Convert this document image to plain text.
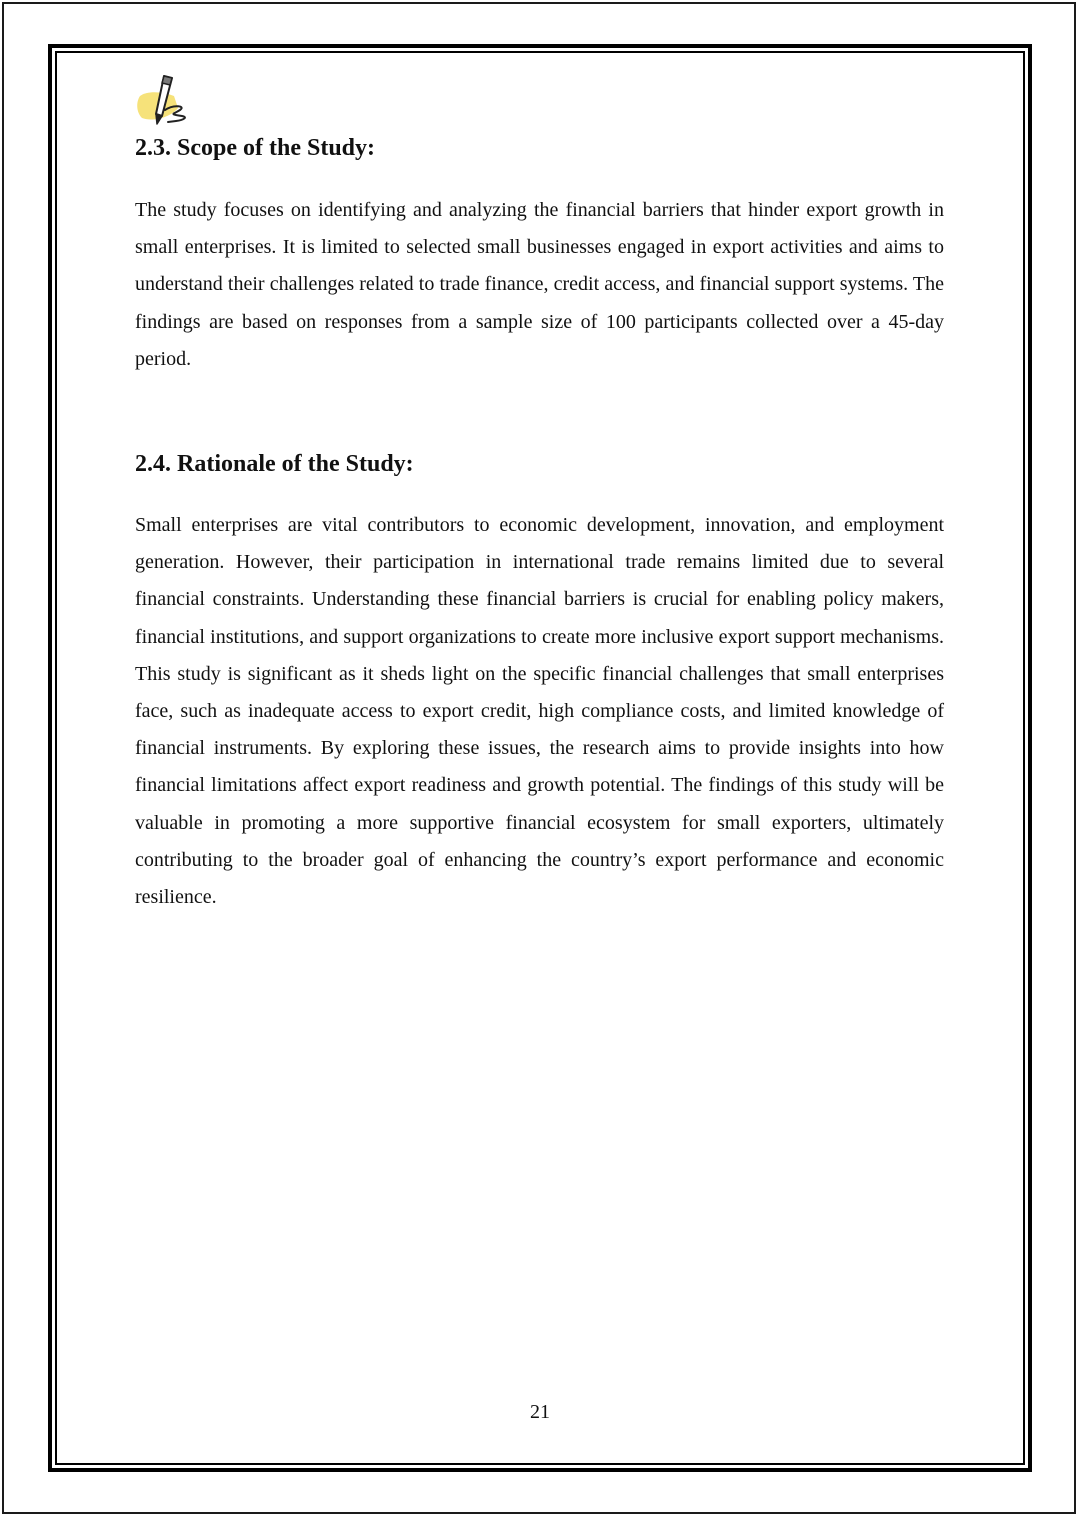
2.3. Scope of the Study:

The study focuses on identifying and analyzing the financial barriers that hinder export growth in small enterprises. It is limited to selected small businesses engaged in export activities and aims to understand their challenges related to trade finance, credit access, and financial support systems. The findings are based on responses from a sample size of 100 participants collected over a 45-day period.

2.4. Rationale of the Study:

Small enterprises are vital contributors to economic development, innovation, and employment generation. However, their participation in international trade remains limited due to several financial constraints. Understanding these financial barriers is crucial for enabling policy makers, financial institutions, and support organizations to create more inclusive export support mechanisms. This study is significant as it sheds light on the specific financial challenges that small enterprises face, such as inadequate access to export credit, high compliance costs, and limited knowledge of financial instruments. By exploring these issues, the research aims to provide insights into how financial limitations affect export readiness and growth potential. The findings of this study will be valuable in promoting a more supportive financial ecosystem for small exporters, ultimately contributing to the broader goal of enhancing the country’s export performance and economic resilience.

21
